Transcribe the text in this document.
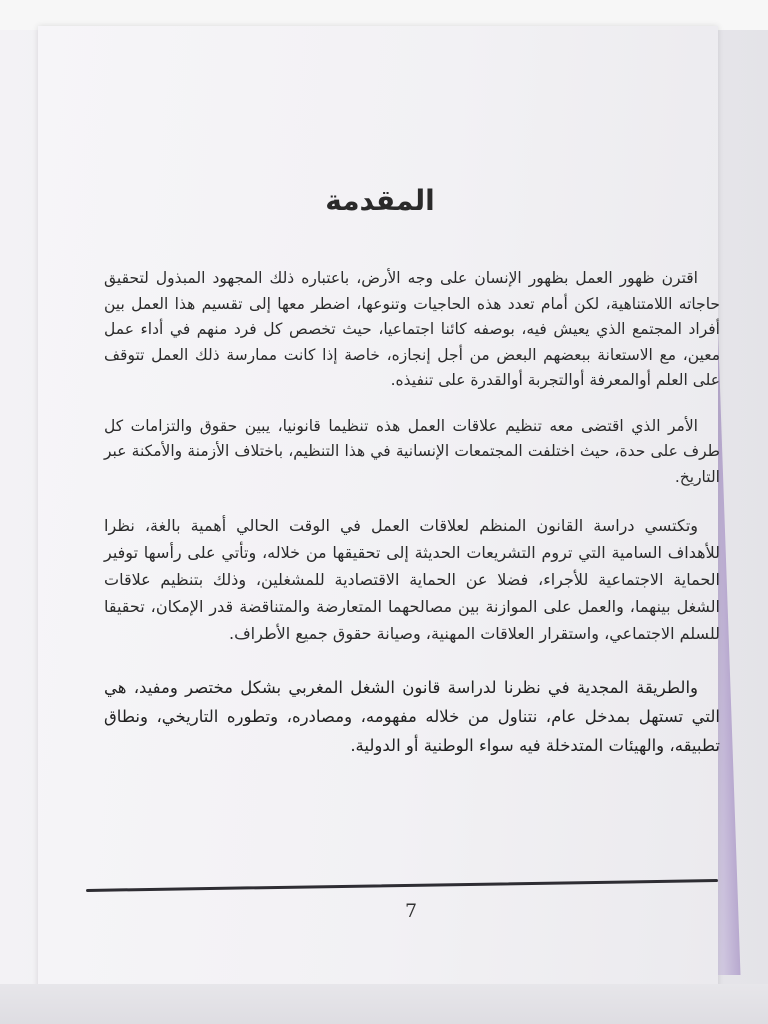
المقدمة

اقترن ظهور العمل بظهور الإنسان على وجه الأرض، باعتباره ذلك المجهود المبذول لتحقيق حاجاته اللامتناهية، لكن أمام تعدد هذه الحاجيات وتنوعها، اضطر معها إلى تقسيم هذا العمل بين أفراد المجتمع الذي يعيش فيه، بوصفه كائنا اجتماعيا، حيث تخصص كل فرد منهم في أداء عمل معين، مع الاستعانة ببعضهم البعض من أجل إنجازه، خاصة إذا كانت ممارسة ذلك العمل تتوقف على العلم أوالمعرفة أوالتجربة أوالقدرة على تنفيذه.

الأمر الذي اقتضى معه تنظيم علاقات العمل هذه تنظيما قانونيا، يبين حقوق والتزامات كل طرف على حدة، حيث اختلفت المجتمعات الإنسانية في هذا التنظيم، باختلاف الأزمنة والأمكنة عبر التاريخ.

وتكتسي دراسة القانون المنظم لعلاقات العمل في الوقت الحالي أهمية بالغة، نظرا للأهداف السامية التي تروم التشريعات الحديثة إلى تحقيقها من خلاله، وتأتي على رأسها توفير الحماية الاجتماعية للأجراء، فضلا عن الحماية الاقتصادية للمشغلين، وذلك بتنظيم علاقات الشغل بينهما، والعمل على الموازنة بين مصالحهما المتعارضة والمتناقضة قدر الإمكان، تحقيقا للسلم الاجتماعي، واستقرار العلاقات المهنية، وصيانة حقوق جميع الأطراف.

والطريقة المجدية في نظرنا لدراسة قانون الشغل المغربي بشكل مختصر ومفيد، هي التي تستهل بمدخل عام، نتناول من خلاله مفهومه، ومصادره، وتطوره التاريخي، ونطاق تطبيقه، والهيئات المتدخلة فيه سواء الوطنية أو الدولية.

7
